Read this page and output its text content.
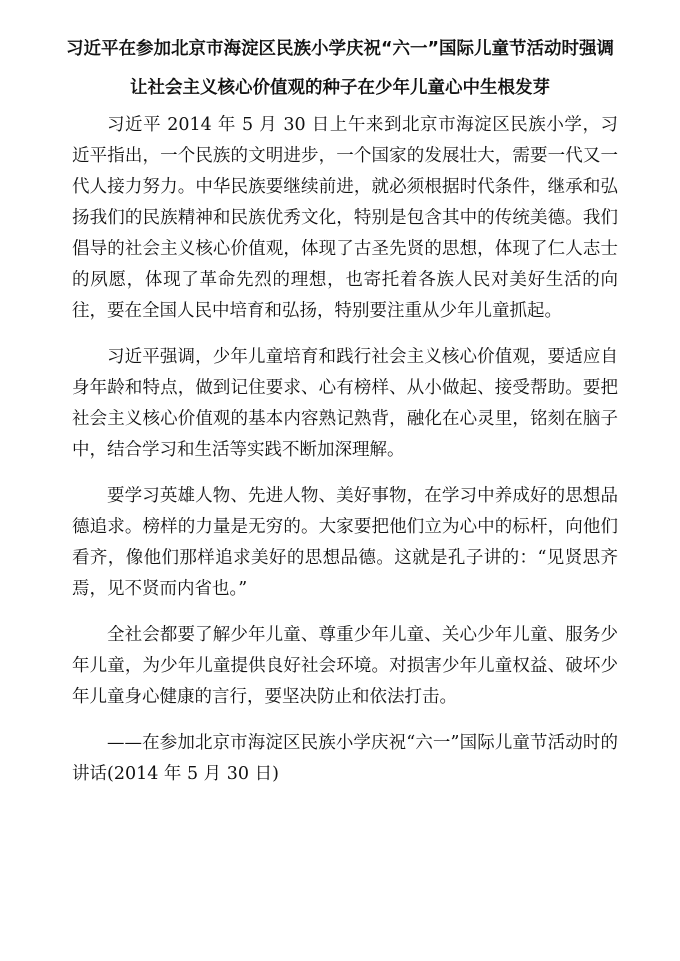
习近平在参加北京市海淀区民族小学庆祝“六一”国际儿童节活动时强调
让社会主义核心价值观的种子在少年儿童心中生根发芽

习近平 2014 年 5 月 30 日上午来到北京市海淀区民族小学，习近平指出，一个民族的文明进步，一个国家的发展壮大，需要一代又一代人接力努力。中华民族要继续前进，就必须根据时代条件，继承和弘扬我们的民族精神和民族优秀文化，特别是包含其中的传统美德。我们倡导的社会主义核心价值观，体现了古圣先贤的思想，体现了仁人志士的夙愿，体现了革命先烈的理想，也寄托着各族人民对美好生活的向往，要在全国人民中培育和弘扬，特别要注重从少年儿童抓起。

习近平强调，少年儿童培育和践行社会主义核心价值观，要适应自身年龄和特点，做到记住要求、心有榜样、从小做起、接受帮助。要把社会主义核心价值观的基本内容熟记熟背，融化在心灵里，铭刻在脑子中，结合学习和生活等实践不断加深理解。

要学习英雄人物、先进人物、美好事物，在学习中养成好的思想品德追求。榜样的力量是无穷的。大家要把他们立为心中的标杆，向他们看齐，像他们那样追求美好的思想品德。这就是孔子讲的：“见贤思齐焉，见不贤而内省也。”

全社会都要了解少年儿童、尊重少年儿童、关心少年儿童、服务少年儿童，为少年儿童提供良好社会环境。对损害少年儿童权益、破坏少年儿童身心健康的言行，要坚决防止和依法打击。

——在参加北京市海淀区民族小学庆祝“六一”国际儿童节活动时的讲话(2014 年 5 月 30 日)
